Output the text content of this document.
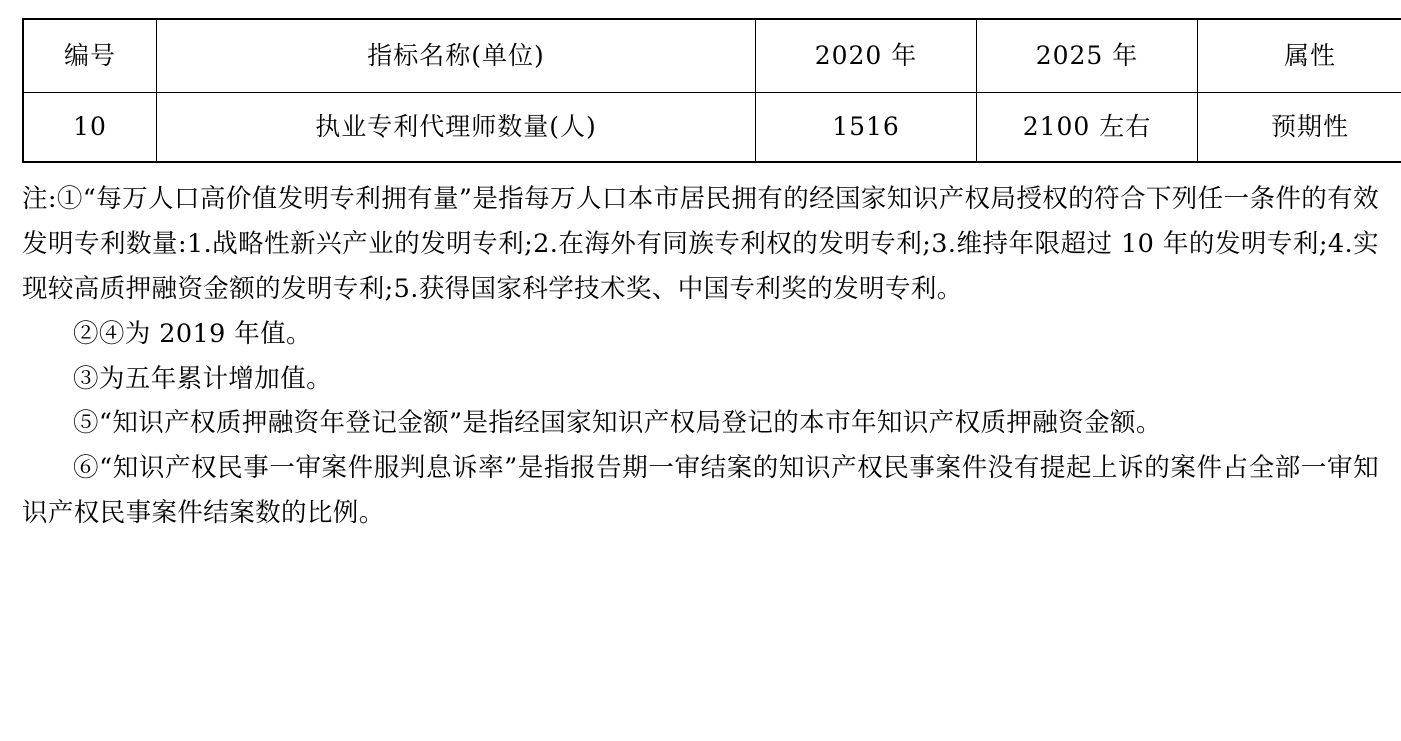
编号	指标名称(单位)	2020 年	2025 年	属性
10	执业专利代理师数量(人)	1516	2100 左右	预期性

注:①“每万人口高价值发明专利拥有量”是指每万人口本市居民拥有的经国家知识产权局授权的符合下列任一条件的有效发明专利数量:1.战略性新兴产业的发明专利;2.在海外有同族专利权的发明专利;3.维持年限超过 10 年的发明专利;4.实现较高质押融资金额的发明专利;5.获得国家科学技术奖、中国专利奖的发明专利。

②④为 2019 年值。

③为五年累计增加值。

⑤“知识产权质押融资年登记金额”是指经国家知识产权局登记的本市年知识产权质押融资金额。

⑥“知识产权民事一审案件服判息诉率”是指报告期一审结案的知识产权民事案件没有提起上诉的案件占全部一审知识产权民事案件结案数的比例。
